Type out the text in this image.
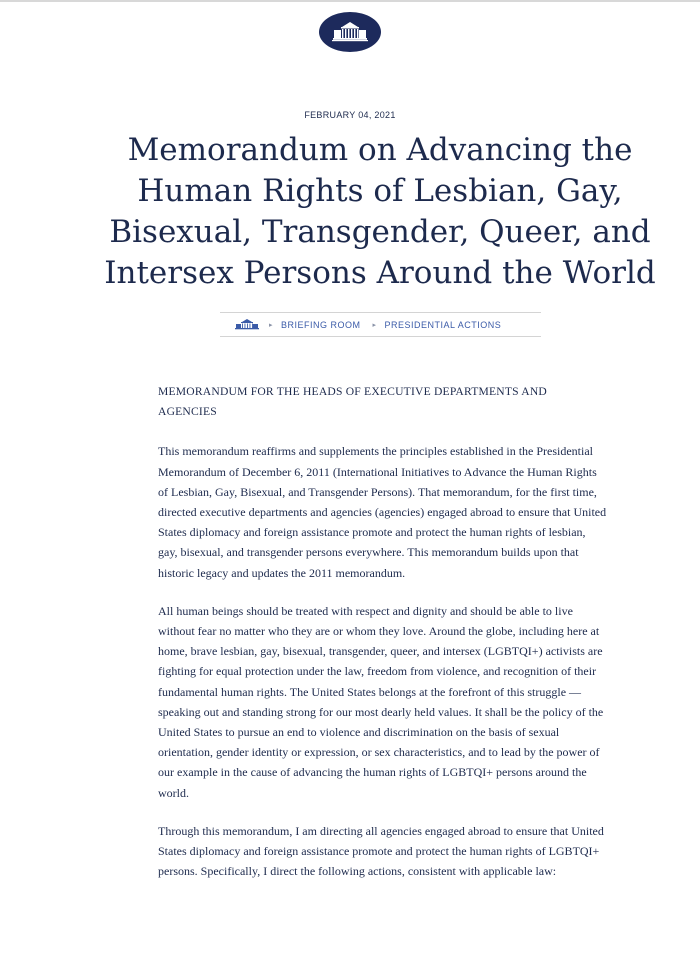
FEBRUARY 04, 2021
Memorandum on Advancing the Human Rights of Lesbian, Gay, Bisexual, Transgender, Queer, and Intersex Persons Around the World
▸ BRIEFING ROOM ▸ PRESIDENTIAL ACTIONS

MEMORANDUM FOR THE HEADS OF EXECUTIVE DEPARTMENTS AND AGENCIES

This memorandum reaffirms and supplements the principles established in the Presidential Memorandum of December 6, 2011 (International Initiatives to Advance the Human Rights of Lesbian, Gay, Bisexual, and Transgender Persons). That memorandum, for the first time, directed executive departments and agencies (agencies) engaged abroad to ensure that United States diplomacy and foreign assistance promote and protect the human rights of lesbian, gay, bisexual, and transgender persons everywhere. This memorandum builds upon that historic legacy and updates the 2011 memorandum.

All human beings should be treated with respect and dignity and should be able to live without fear no matter who they are or whom they love. Around the globe, including here at home, brave lesbian, gay, bisexual, transgender, queer, and intersex (LGBTQI+) activists are fighting for equal protection under the law, freedom from violence, and recognition of their fundamental human rights. The United States belongs at the forefront of this struggle — speaking out and standing strong for our most dearly held values. It shall be the policy of the United States to pursue an end to violence and discrimination on the basis of sexual orientation, gender identity or expression, or sex characteristics, and to lead by the power of our example in the cause of advancing the human rights of LGBTQI+ persons around the world.

Through this memorandum, I am directing all agencies engaged abroad to ensure that United States diplomacy and foreign assistance promote and protect the human rights of LGBTQI+ persons. Specifically, I direct the following actions, consistent with applicable law:
